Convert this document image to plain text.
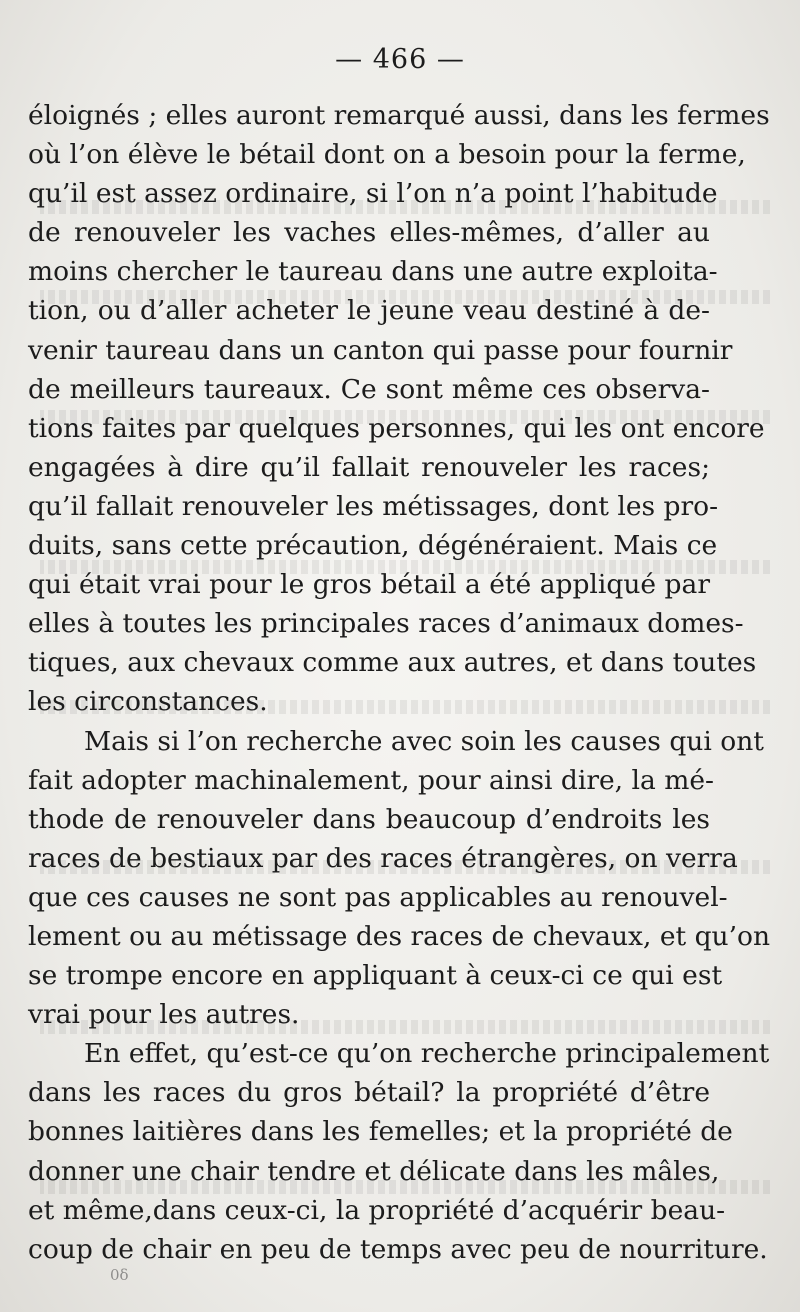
— 466 —
éloignés ; elles auront remarqué aussi, dans les fermes
où l’on élève le bétail dont on a besoin pour la ferme,
qu’il est assez ordinaire, si l’on n’a point l’habitude
de renouveler les vaches elles-mêmes, d’aller au
moins chercher le taureau dans une autre exploita-
tion, ou d’aller acheter le jeune veau destiné à de-
venir taureau dans un canton qui passe pour fournir
de meilleurs taureaux. Ce sont même ces observa-
tions faites par quelques personnes, qui les ont encore
engagées à dire qu’il fallait renouveler les races;
qu’il fallait renouveler les métissages, dont les pro-
duits, sans cette précaution, dégénéraient. Mais ce
qui était vrai pour le gros bétail a été appliqué par
elles à toutes les principales races d’animaux domes-
tiques, aux chevaux comme aux autres, et dans toutes
les circonstances.
Mais si l’on recherche avec soin les causes qui ont
fait adopter machinalement, pour ainsi dire, la mé-
thode de renouveler dans beaucoup d’endroits les
races de bestiaux par des races étrangères, on verra
que ces causes ne sont pas applicables au renouvel-
lement ou au métissage des races de chevaux, et qu’on
se trompe encore en appliquant à ceux-ci ce qui est
vrai pour les autres.
En effet, qu’est-ce qu’on recherche principalement
dans les races du gros bétail? la propriété d’être
bonnes laitières dans les femelles; et la propriété de
donner une chair tendre et délicate dans les mâles,
et même,dans ceux-ci, la propriété d’acquérir beau-
coup de chair en peu de temps avec peu de nourriture.
0δ
